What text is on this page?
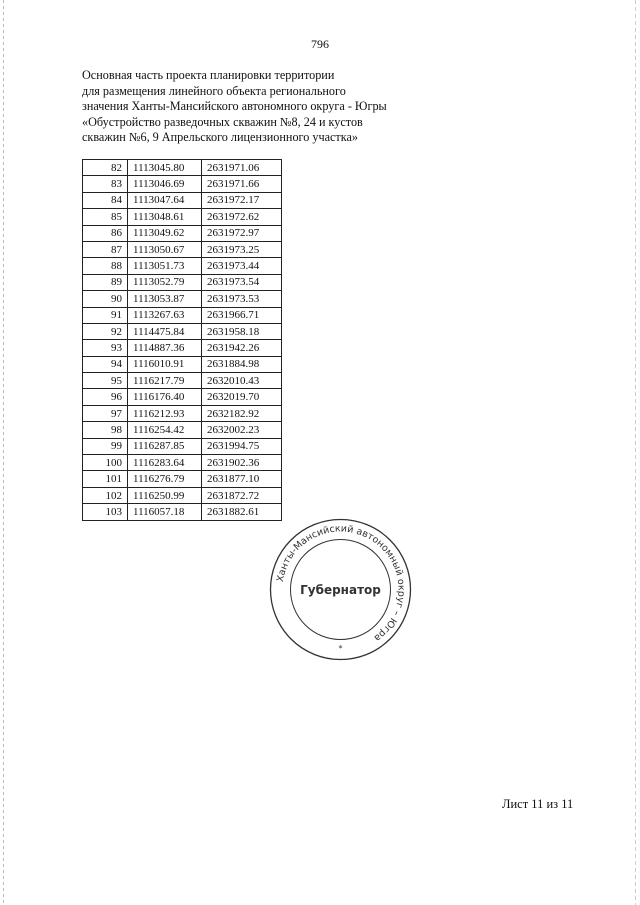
796
Основная часть проекта планировки территории
для размещения линейного объекта регионального
значения Ханты-Мансийского автономного округа - Югры
«Обустройство разведочных скважин №8, 24 и кустов
скважин №6, 9 Апрельского лицензионного участка»
82	1113045.80	2631971.06
83	1113046.69	2631971.66
84	1113047.64	2631972.17
85	1113048.61	2631972.62
86	1113049.62	2631972.97
87	1113050.67	2631973.25
88	1113051.73	2631973.44
89	1113052.79	2631973.54
90	1113053.87	2631973.53
91	1113267.63	2631966.71
92	1114475.84	2631958.18
93	1114887.36	2631942.26
94	1116010.91	2631884.98
95	1116217.79	2632010.43
96	1116176.40	2632019.70
97	1116212.93	2632182.92
98	1116254.42	2632002.23
99	1116287.85	2631994.75
100	1116283.64	2631902.36
101	1116276.79	2631877.10
102	1116250.99	2631872.72
103	1116057.18	2631882.61
Ханты-Мансийский автономный округ – Югра
Губернатор
*
Лист 11 из 11
